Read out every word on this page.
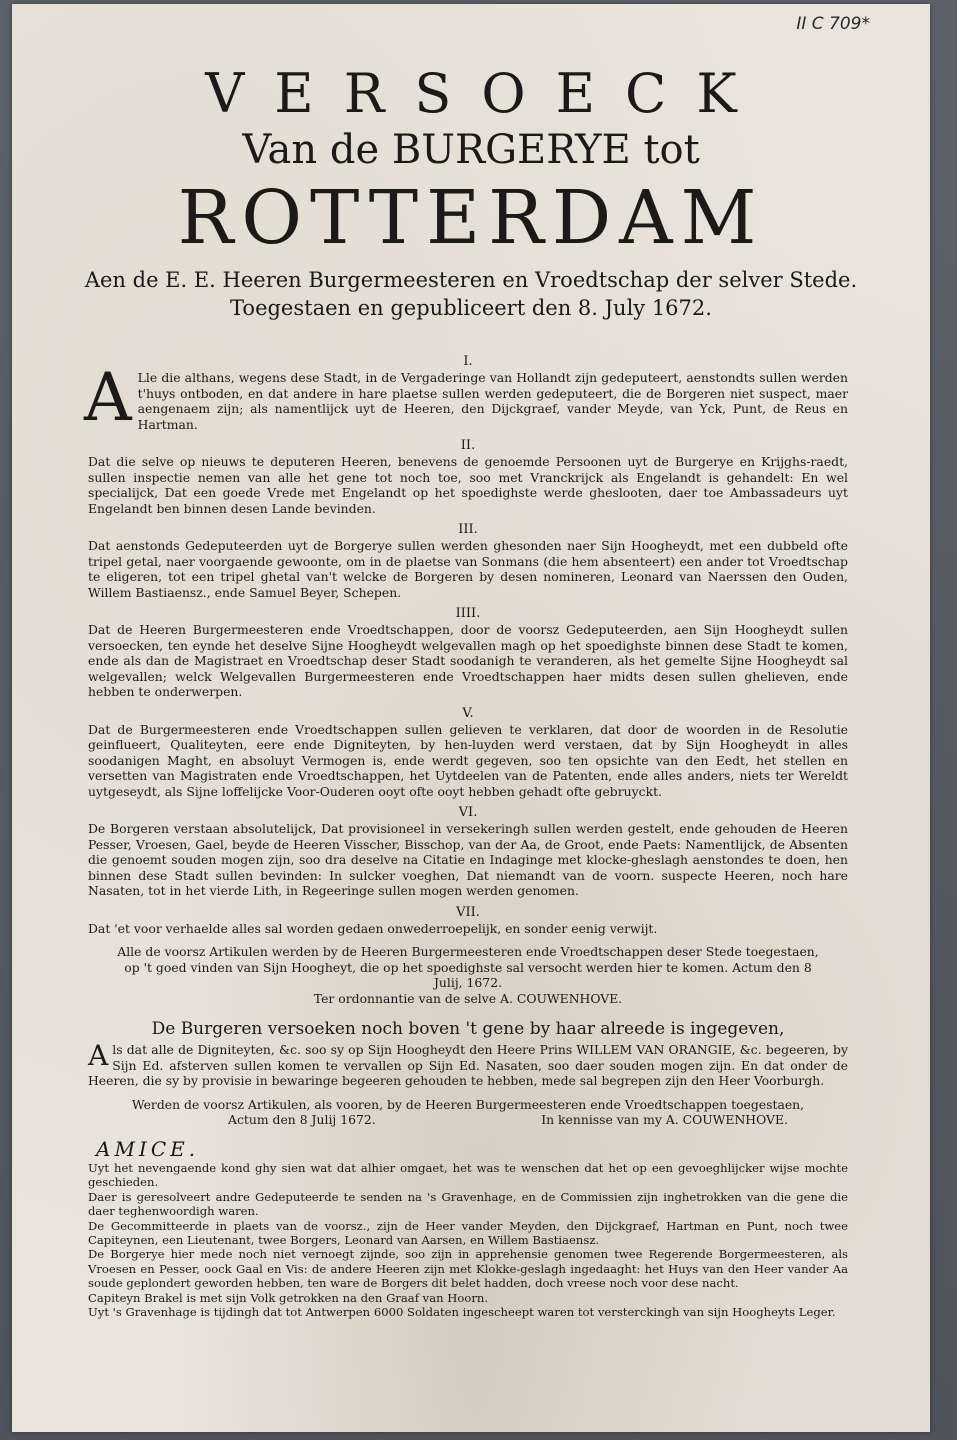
II C 709*
VERSOECK
Van de BURGERYE tot
ROTTERDAM
Aen de E. E. Heeren Burgermeesteren en Vroedtschap der selver Stede.
Toegestaen en gepubliceert den 8. July 1672.
I.

A Lle die althans, wegens dese Stadt, in de Vergaderinge van Hollandt zijn gedeputeert, aenstondts sullen werden t'huys ontboden, en dat andere in hare plaetse sullen werden gedeputeert, die de Borgeren niet suspect, maer aengenaem zijn; als namentlijck uyt de Heeren, den Dijckgraef, vander Meyde, van Yck, Punt, de Reus en Hartman.

II.

Dat die selve op nieuws te deputeren Heeren, benevens de genoemde Persoonen uyt de Burgerye en Krijghs-raedt, sullen inspectie nemen van alle het gene tot noch toe, soo met Vranckrijck als Engelandt is gehandelt: En wel specialijck, Dat een goede Vrede met Engelandt op het spoedighste werde gheslooten, daer toe Ambassadeurs uyt Engelandt ben binnen desen Lande bevinden.

III.

Dat aenstonds Gedeputeerden uyt de Borgerye sullen werden ghesonden naer Sijn Hoogheydt, met een dubbeld ofte tripel getal, naer voorgaende gewoonte, om in de plaetse van Sonmans (die hem absenteert) een ander tot Vroedtschap te eligeren, tot een tripel ghetal van't welcke de Borgeren by desen nomineren, Leonard van Naerssen den Ouden, Willem Bastiaensz., ende Samuel Beyer, Schepen.

IIII.

Dat de Heeren Burgermeesteren ende Vroedtschappen, door de voorsz Gedeputeerden, aen Sijn Hoogheydt sullen versoecken, ten eynde het deselve Sijne Hoogheydt welgevallen magh op het spoedighste binnen dese Stadt te komen, ende als dan de Magistraet en Vroedtschap deser Stadt soodanigh te veranderen, als het gemelte Sijne Hoogheydt sal welgevallen; welck Welgevallen Burgermeesteren ende Vroedtschappen haer midts desen sullen ghelieven, ende hebben te onderwerpen.

V.

Dat de Burgermeesteren ende Vroedtschappen sullen gelieven te verklaren, dat door de woorden in de Resolutie geinflueert, Qualiteyten, eere ende Digniteyten, by hen-luyden werd verstaen, dat by Sijn Hoogheydt in alles soodanigen Maght, en absoluyt Vermogen is, ende werdt gegeven, soo ten opsichte van den Eedt, het stellen en versetten van Magistraten ende Vroedtschappen, het Uytdeelen van de Patenten, ende alles anders, niets ter Wereldt uytgeseydt, als Sijne loffelijcke Voor-Ouderen ooyt ofte ooyt hebben gehadt ofte gebruyckt.

VI.

De Borgeren verstaan absolutelijck, Dat provisioneel in versekeringh sullen werden gestelt, ende gehouden de Heeren Pesser, Vroesen, Gael, beyde de Heeren Visscher, Bisschop, van der Aa, de Groot, ende Paets: Namentlijck, de Absenten die genoemt souden mogen zijn, soo dra deselve na Citatie en Indaginge met klocke-gheslagh aenstondes te doen, hen binnen dese Stadt sullen bevinden: In sulcker voeghen, Dat niemandt van de voorn. suspecte Heeren, noch hare Nasaten, tot in het vierde Lith, in Regeeringe sullen mogen werden genomen.

VII.

Dat 'et voor verhaelde alles sal worden gedaen onwederroepelijk, en sonder eenig verwijt.

Alle de voorsz Artikulen werden by de Heeren Burgermeesteren ende Vroedtschappen deser Stede toegestaen, op 't goed vinden van Sijn Hoogheyt, die op het spoedighste sal versocht werden hier te komen. Actum den 8 Julij, 1672.

Ter ordonnantie van de selve A. COUWENHOVE.

De Burgeren versoeken noch boven 't gene by haar alreede is ingegeven,

Als dat alle de Digniteyten, &c. soo sy op Sijn Hoogheydt den Heere Prins WILLEM VAN ORANGIE, &c. begeeren, by Sijn Ed. afsterven sullen komen te vervallen op Sijn Ed. Nasaten, soo daer souden mogen zijn. En dat onder de Heeren, die sy by provisie in bewaringe begeeren gehouden te hebben, mede sal begrepen zijn den Heer Voorburgh.

Werden de voorsz Artikulen, als vooren, by de Heeren Burgermeesteren ende Vroedtschappen toegestaen,

Actum den 8 Julij 1672.	In kennisse van my A. COUWENHOVE.
AMICE.

Uyt het nevengaende kond ghy sien wat dat alhier omgaet, het was te wenschen dat het op een gevoeghlijcker wijse mochte geschieden.

Daer is geresolveert andre Gedeputeerde te senden na 's Gravenhage, en de Commissien zijn inghetrokken van die gene die daer teghenwoordigh waren.

De Gecommitteerde in plaets van de voorsz., zijn de Heer vander Meyden, den Dijckgraef, Hartman en Punt, noch twee Capiteynen, een Lieutenant, twee Borgers, Leonard van Aarsen, en Willem Bastiaensz.

De Borgerye hier mede noch niet vernoegt zijnde, soo zijn in apprehensie genomen twee Regerende Borgermeesteren, als Vroesen en Pesser, oock Gaal en Vis: de andere Heeren zijn met Klokke-geslagh ingedaaght: het Huys van den Heer vander Aa soude geplondert geworden hebben, ten ware de Borgers dit belet hadden, doch vreese noch voor dese nacht.

Capiteyn Brakel is met sijn Volk getrokken na den Graaf van Hoorn.

Uyt 's Gravenhage is tijdingh dat tot Antwerpen 6000 Soldaten ingescheept waren tot versterckingh van sijn Hoogheyts Leger.
